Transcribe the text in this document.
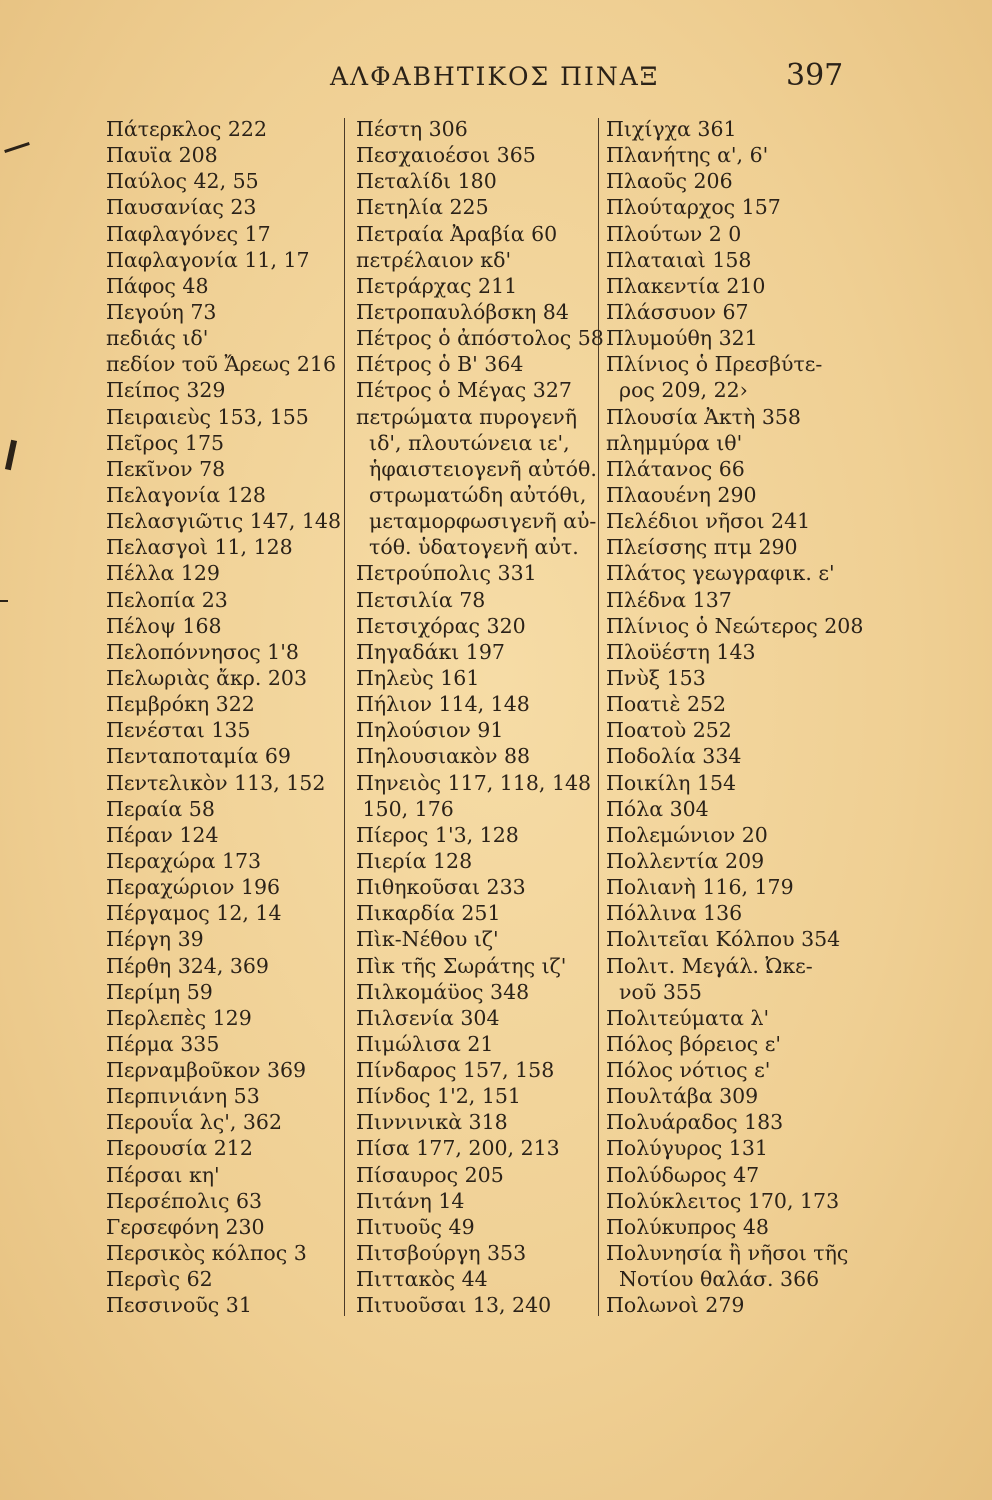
ΑΛΦΑΒΗΤΙΚΟΣ ΠΙΝΑΞ	397
Πάτερκλος 222
Παυϊα 208
Παύλος 42, 55
Παυσανίας 23
Παφλαγόνες 17
Παφλαγονία 11, 17
Πάφος 48
Πεγούη 73
πεδιάς ιδ'
πεδίον τοῦ Ἄρεως 216
Πείπος 329
Πειραιεὺς 153, 155
Πεῖρος 175
Πεκῖνον 78
Πελαγονία 128
Πελασγιῶτις 147, 148
Πελασγοὶ 11, 128
Πέλλα 129
Πελοπία 23
Πέλοψ 168
Πελοπόννησος 1'8
Πελωριὰς ἄκρ. 203
Πεμβρόκη 322
Πενέσται 135
Πενταποταμία 69
Πεντελικὸν 113, 152
Περαία 58
Πέραν 124
Περαχώρα 173
Περαχώριον 196
Πέργαμος 12, 14
Πέργη 39
Πέρθη 324, 369
Περίμη 59
Περλεπὲς 129
Πέρμα 335
Περναμβοῦκον 369
Περπινιάνη 53
Περουΐα λς', 362
Περουσία 212
Πέρσαι κη'
Περσέπολις 63
Γερσεφόνη 230
Περσικὸς κόλπος 3
Περσὶς 62
Πεσσινοῦς 31
Πέστη 306
Πεσχαιοέσοι 365
Πεταλίδι 180
Πετηλία 225
Πετραία Ἀραβία 60
πετρέλαιον κδ'
Πετράρχας 211
Πετροπαυλόβσκη 84
Πέτρος ὁ ἀπόστολος 58
Πέτρος ὁ Β' 364
Πέτρος ὁ Μέγας 327
πετρώματα πυρογενῆ
ιδ', πλουτώνεια ιε',
ἡφαιστειογενῆ αὐτόθ.
στρωματώδη αὐτόθι,
μεταμορφωσιγενῆ αὐ-
τόθ. ὑδατογενῆ αὐτ.
Πετρούπολις 331
Πετσιλία 78
Πετσιχόρας 320
Πηγαδάκι 197
Πηλεὺς 161
Πήλιον 114, 148
Πηλούσιον 91
Πηλουσιακὸν 88
Πηνειὸς 117, 118, 148
150, 176
Πίερος 1'3, 128
Πιερία 128
Πιθηκοῦσαι 233
Πικαρδία 251
Πὶκ-Νέθου ιζ'
Πὶκ τῆς Σωράτης ιζ'
Πιλκομάϋος 348
Πιλσενία 304
Πιμώλισα 21
Πίνδαρος 157, 158
Πίνδος 1'2, 151
Πιννινικὰ 318
Πίσα 177, 200, 213
Πίσαυρος 205
Πιτάνη 14
Πιτυοῦς 49
Πιτσβούργη 353
Πιττακὸς 44
Πιτυοῦσαι 13, 240
Πιχίγχα 361
Πλανήτης α', 6'
Πλαοῦς 206
Πλούταρχος 157
Πλούτων 2 0
Πλαταιαὶ 158
Πλακεντία 210
Πλάσσυον 67
Πλυμούθη 321
Πλίνιος ὁ Πρεσβύτε-
ρος 209, 22›
Πλουσία Ἀκτὴ 358
πλημμύρα ιθ'
Πλάτανος 66
Πλαουένη 290
Πελέδιοι νῆσοι 241
Πλείσσης πτμ 290
Πλάτος γεωγραφικ. ε'
Πλέδνα 137
Πλίνιος ὁ Νεώτερος 208
Πλοϋέστη 143
Πνὺξ 153
Ποατιὲ 252
Ποατοὺ 252
Ποδολία 334
Ποικίλη 154
Πόλα 304
Πολεμώνιον 20
Πολλεντία 209
Πολιανὴ 116, 179
Πόλλινα 136
Πολιτεῖαι Κόλπου 354
Πολιτ. Μεγάλ. Ὠκε-
νοῦ 355
Πολιτεύματα λ'
Πόλος βόρειος ε'
Πόλος νότιος ε'
Πουλτάβα 309
Πολυάραδος 183
Πολύγυρος 131
Πολύδωρος 47
Πολύκλειτος 170, 173
Πολύκυπρος 48
Πολυνησία ἢ νῆσοι τῆς
Νοτίου θαλάσ. 366
Πολωνοὶ 279
